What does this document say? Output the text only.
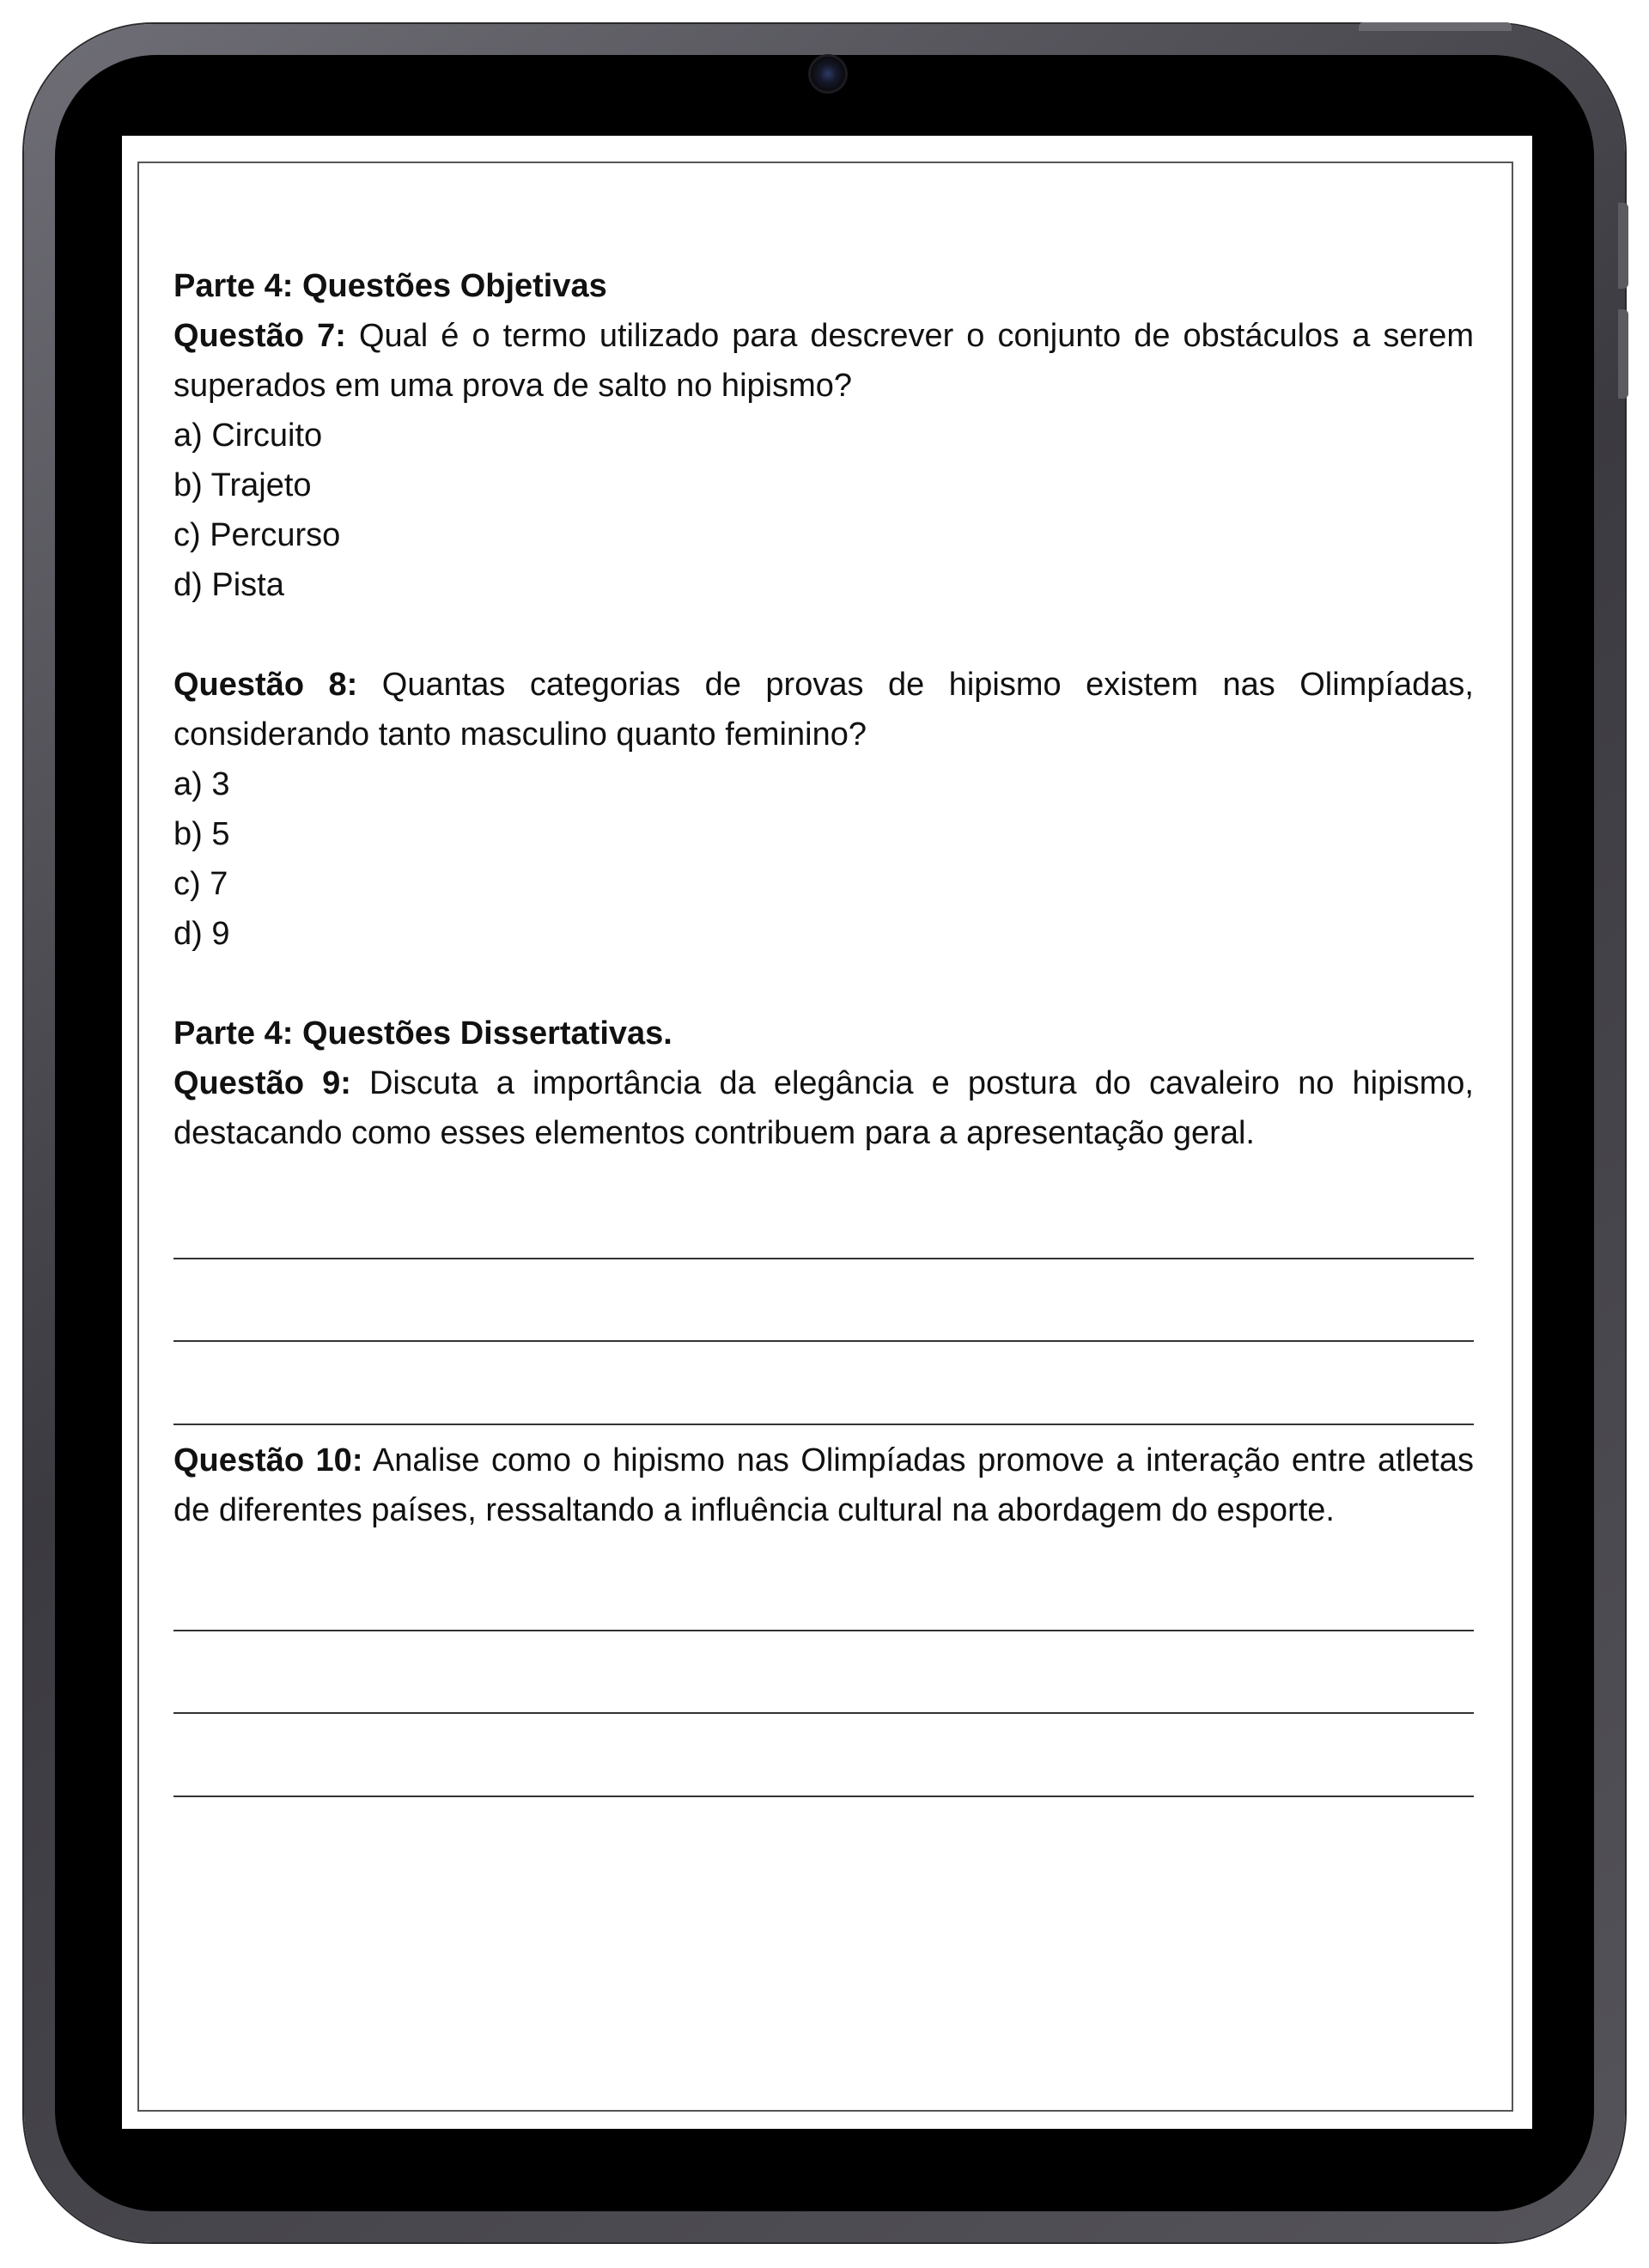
Parte 4: Questões Objetivas

Questão 7: Qual é o termo utilizado para descrever o conjunto de obstáculos a serem superados em uma prova de salto no hipismo?

a) Circuito

b) Trajeto

c) Percurso

d) Pista

Questão 8: Quantas categorias de provas de hipismo existem nas Olimpíadas, considerando tanto masculino quanto feminino?

a) 3

b) 5

c) 7

d) 9

Parte 4: Questões Dissertativas.

Questão 9: Discuta a importância da elegância e postura do cavaleiro no hipismo, destacando como esses elementos contribuem para a apresentação geral.

Questão 10: Analise como o hipismo nas Olimpíadas promove a interação entre atletas de diferentes países, ressaltando a influência cultural na abordagem do esporte.
